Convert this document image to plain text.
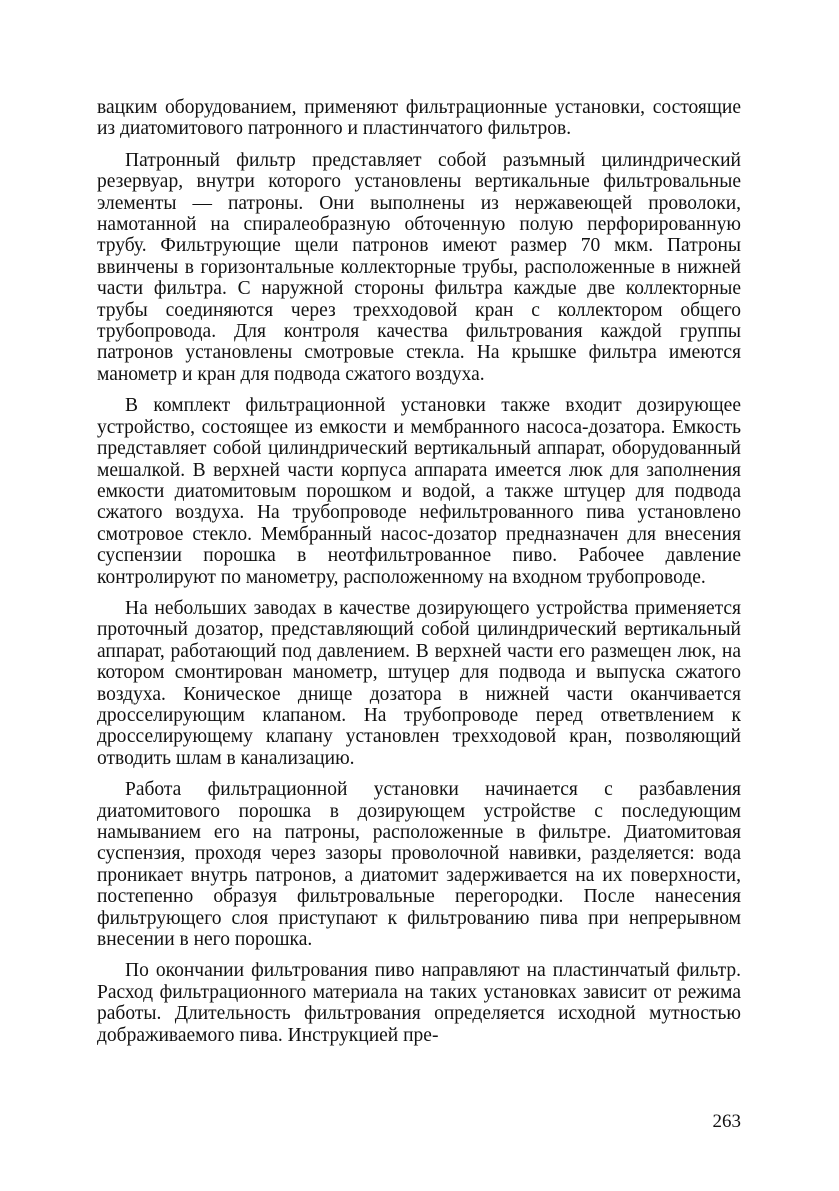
вацким оборудованием, применяют фильтрационные установки, состоящие из диатомитового патронного и пластинчатого фильтров.

Патронный фильтр представляет собой разъмный цилиндрический резервуар, внутри которого установлены вертикальные фильтровальные элементы — патроны. Они выполнены из нержавеющей проволоки, намотанной на спиралеобразную обточенную полую перфорированную трубу. Фильтрующие щели патронов имеют размер 70 мкм. Патроны ввинчены в горизонтальные коллекторные трубы, расположенные в нижней части фильтра. С наружной стороны фильтра каждые две коллекторные трубы соединяются через трехходовой кран с коллектором общего трубопровода. Для контроля качества фильтрования каждой группы патронов установлены смотровые стекла. На крышке фильтра имеются манометр и кран для подвода сжатого воздуха.

В комплект фильтрационной установки также входит дозирующее устройство, состоящее из емкости и мембранного насоса-дозатора. Емкость представляет собой цилиндрический вертикальный аппарат, оборудованный мешалкой. В верхней части корпуса аппарата имеется люк для заполнения емкости диатомитовым порошком и водой, а также штуцер для подвода сжатого воздуха. На трубопроводе нефильтрованного пива установлено смотровое стекло. Мембранный насос-дозатор предназначен для внесения суспензии порошка в неотфильтрованное пиво. Рабочее давление контролируют по манометру, расположенному на входном трубопроводе.

На небольших заводах в качестве дозирующего устройства применяется проточный дозатор, представляющий собой цилиндрический вертикальный аппарат, работающий под давлением. В верхней части его размещен люк, на котором смонтирован манометр, штуцер для подвода и выпуска сжатого воздуха. Коническое днище дозатора в нижней части оканчивается дросселирующим клапаном. На трубопроводе перед ответвлением к дросселирующему клапану установлен трехходовой кран, позволяющий отводить шлам в канализацию.

Работа фильтрационной установки начинается с разбавления диатомитового порошка в дозирующем устройстве с последующим намыванием его на патроны, расположенные в фильтре. Диатомитовая суспензия, проходя через зазоры проволочной навивки, разделяется: вода проникает внутрь патронов, а диатомит задерживается на их поверхности, постепенно образуя фильтровальные перегородки. После нанесения фильтрующего слоя приступают к фильтрованию пива при непрерывном внесении в него порошка.

По окончании фильтрования пиво направляют на пластинчатый фильтр. Расход фильтрационного материала на таких установках зависит от режима работы. Длительность фильтрования определяется исходной мутностью дображиваемого пива. Инструкцией пре-

263
